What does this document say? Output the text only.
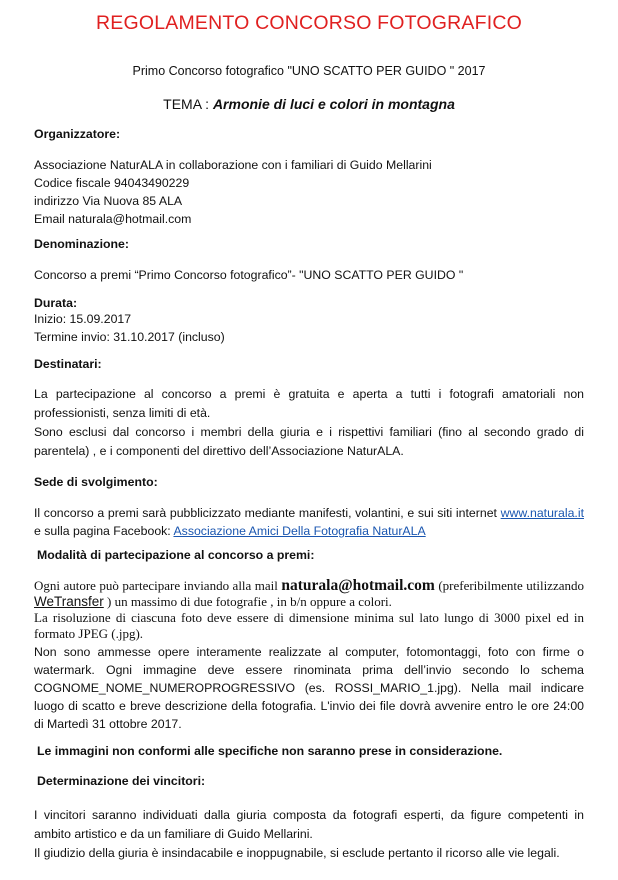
REGOLAMENTO CONCORSO FOTOGRAFICO
Primo Concorso fotografico "UNO SCATTO PER GUIDO " 2017
TEMA : Armonie di luci e colori in montagna
Organizzatore:
Associazione NaturALA in collaborazione con i familiari di Guido Mellarini
Codice fiscale 94043490229
indirizzo Via Nuova 85 ALA
Email naturala@hotmail.com
Denominazione:
Concorso a premi “Primo Concorso fotografico”- "UNO SCATTO PER GUIDO "
Durata:
Inizio: 15.09.2017
Termine invio: 31.10.2017 (incluso)
Destinatari:
La partecipazione al concorso a premi è gratuita e aperta a tutti i fotografi amatoriali non professionisti, senza limiti di età.
Sono esclusi dal concorso i membri della giuria e i rispettivi familiari (fino al secondo grado di parentela) , e i componenti del direttivo dell’Associazione NaturALA.
Sede di svolgimento:
Il concorso a premi sarà pubblicizzato mediante manifesti, volantini, e sui siti internet www.naturala.it e sulla pagina Facebook: Associazione Amici Della Fotografia NaturALA
Modalità di partecipazione al concorso a premi:
Ogni autore può partecipare inviando alla mail naturala@hotmail.com (preferibilmente utilizzando WeTransfer ) un massimo di due fotografie , in b/n oppure a colori.
La risoluzione di ciascuna foto deve essere di dimensione minima sul lato lungo di 3000 pixel ed in formato JPEG (.jpg).
Non sono ammesse opere interamente realizzate al computer, fotomontaggi, foto con firme o watermark. Ogni immagine deve essere rinominata prima dell’invio secondo lo schema COGNOME_NOME_NUMEROPROGRESSIVO (es. ROSSI_MARIO_1.jpg). Nella mail indicare luogo di scatto e breve descrizione della fotografia. L'invio dei file dovrà avvenire entro le ore 24:00 di Martedì 31 ottobre 2017.
Le immagini non conformi alle specifiche non saranno prese in considerazione.
Determinazione dei vincitori:
I vincitori saranno individuati dalla giuria composta da fotografi esperti, da figure competenti in ambito artistico e da un familiare di Guido Mellarini.
Il giudizio della giuria è insindacabile e inoppugnabile, si esclude pertanto il ricorso alle vie legali.
